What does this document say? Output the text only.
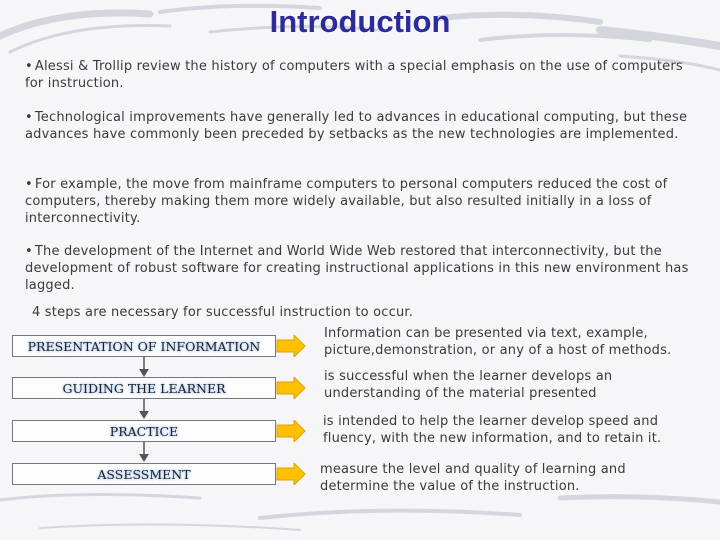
Introduction
• Alessi & Trollip review the history of computers with a special emphasis on the use of computers for instruction.
• Technological improvements have generally led to advances in educational computing, but these advances have commonly been preceded by setbacks as the new technologies are implemented.
• For example, the move from mainframe computers to personal computers reduced the cost of computers, thereby making them more widely available, but also resulted initially in a loss of interconnectivity.
• The development of the Internet and World Wide Web restored that interconnectivity, but the development of robust software for creating instructional applications in this new environment has lagged.
4 steps are necessary for successful instruction to occur.
PRESENTATION OF INFORMATION
Information can be presented via text, example, picture,demonstration, or any of a host of methods.
GUIDING THE LEARNER
is successful when the learner develops an understanding of the material presented
PRACTICE
is intended to help the learner develop speed and fluency, with the new information, and to retain it.
ASSESSMENT	measure the level and quality of learning and determine the value of the instruction.
